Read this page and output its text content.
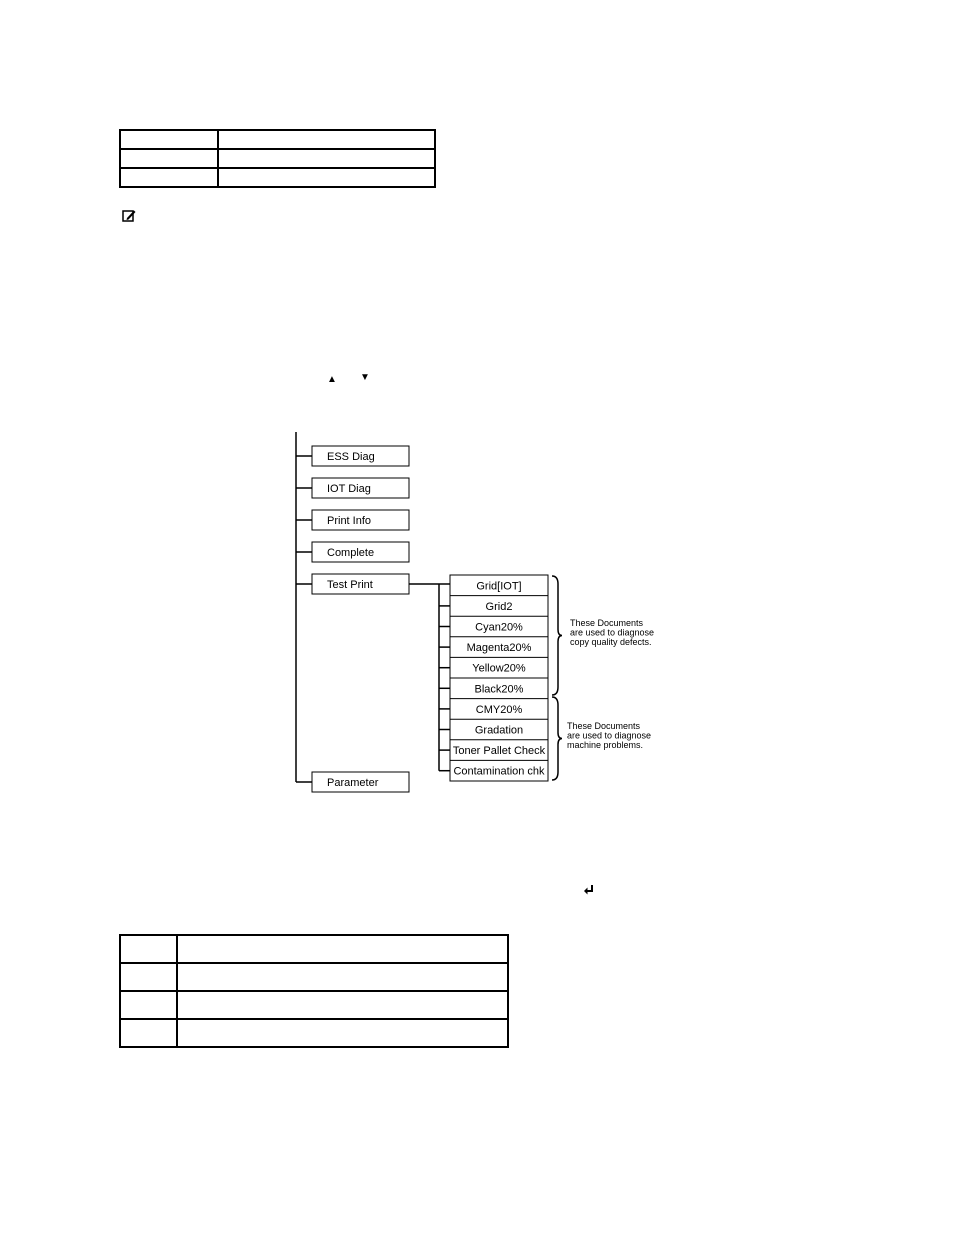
▲ ▼
ESS Diag
IOT Diag
Print Info
Complete
Test Print
Parameter
Grid[IOT]
Grid2
Cyan20%
Magenta20%
Yellow20%
Black20%
CMY20%
Gradation
Toner Pallet Check
Contamination chk
These Documents
are used to diagnose
copy quality defects.
These Documents
are used to diagnose
machine problems.
